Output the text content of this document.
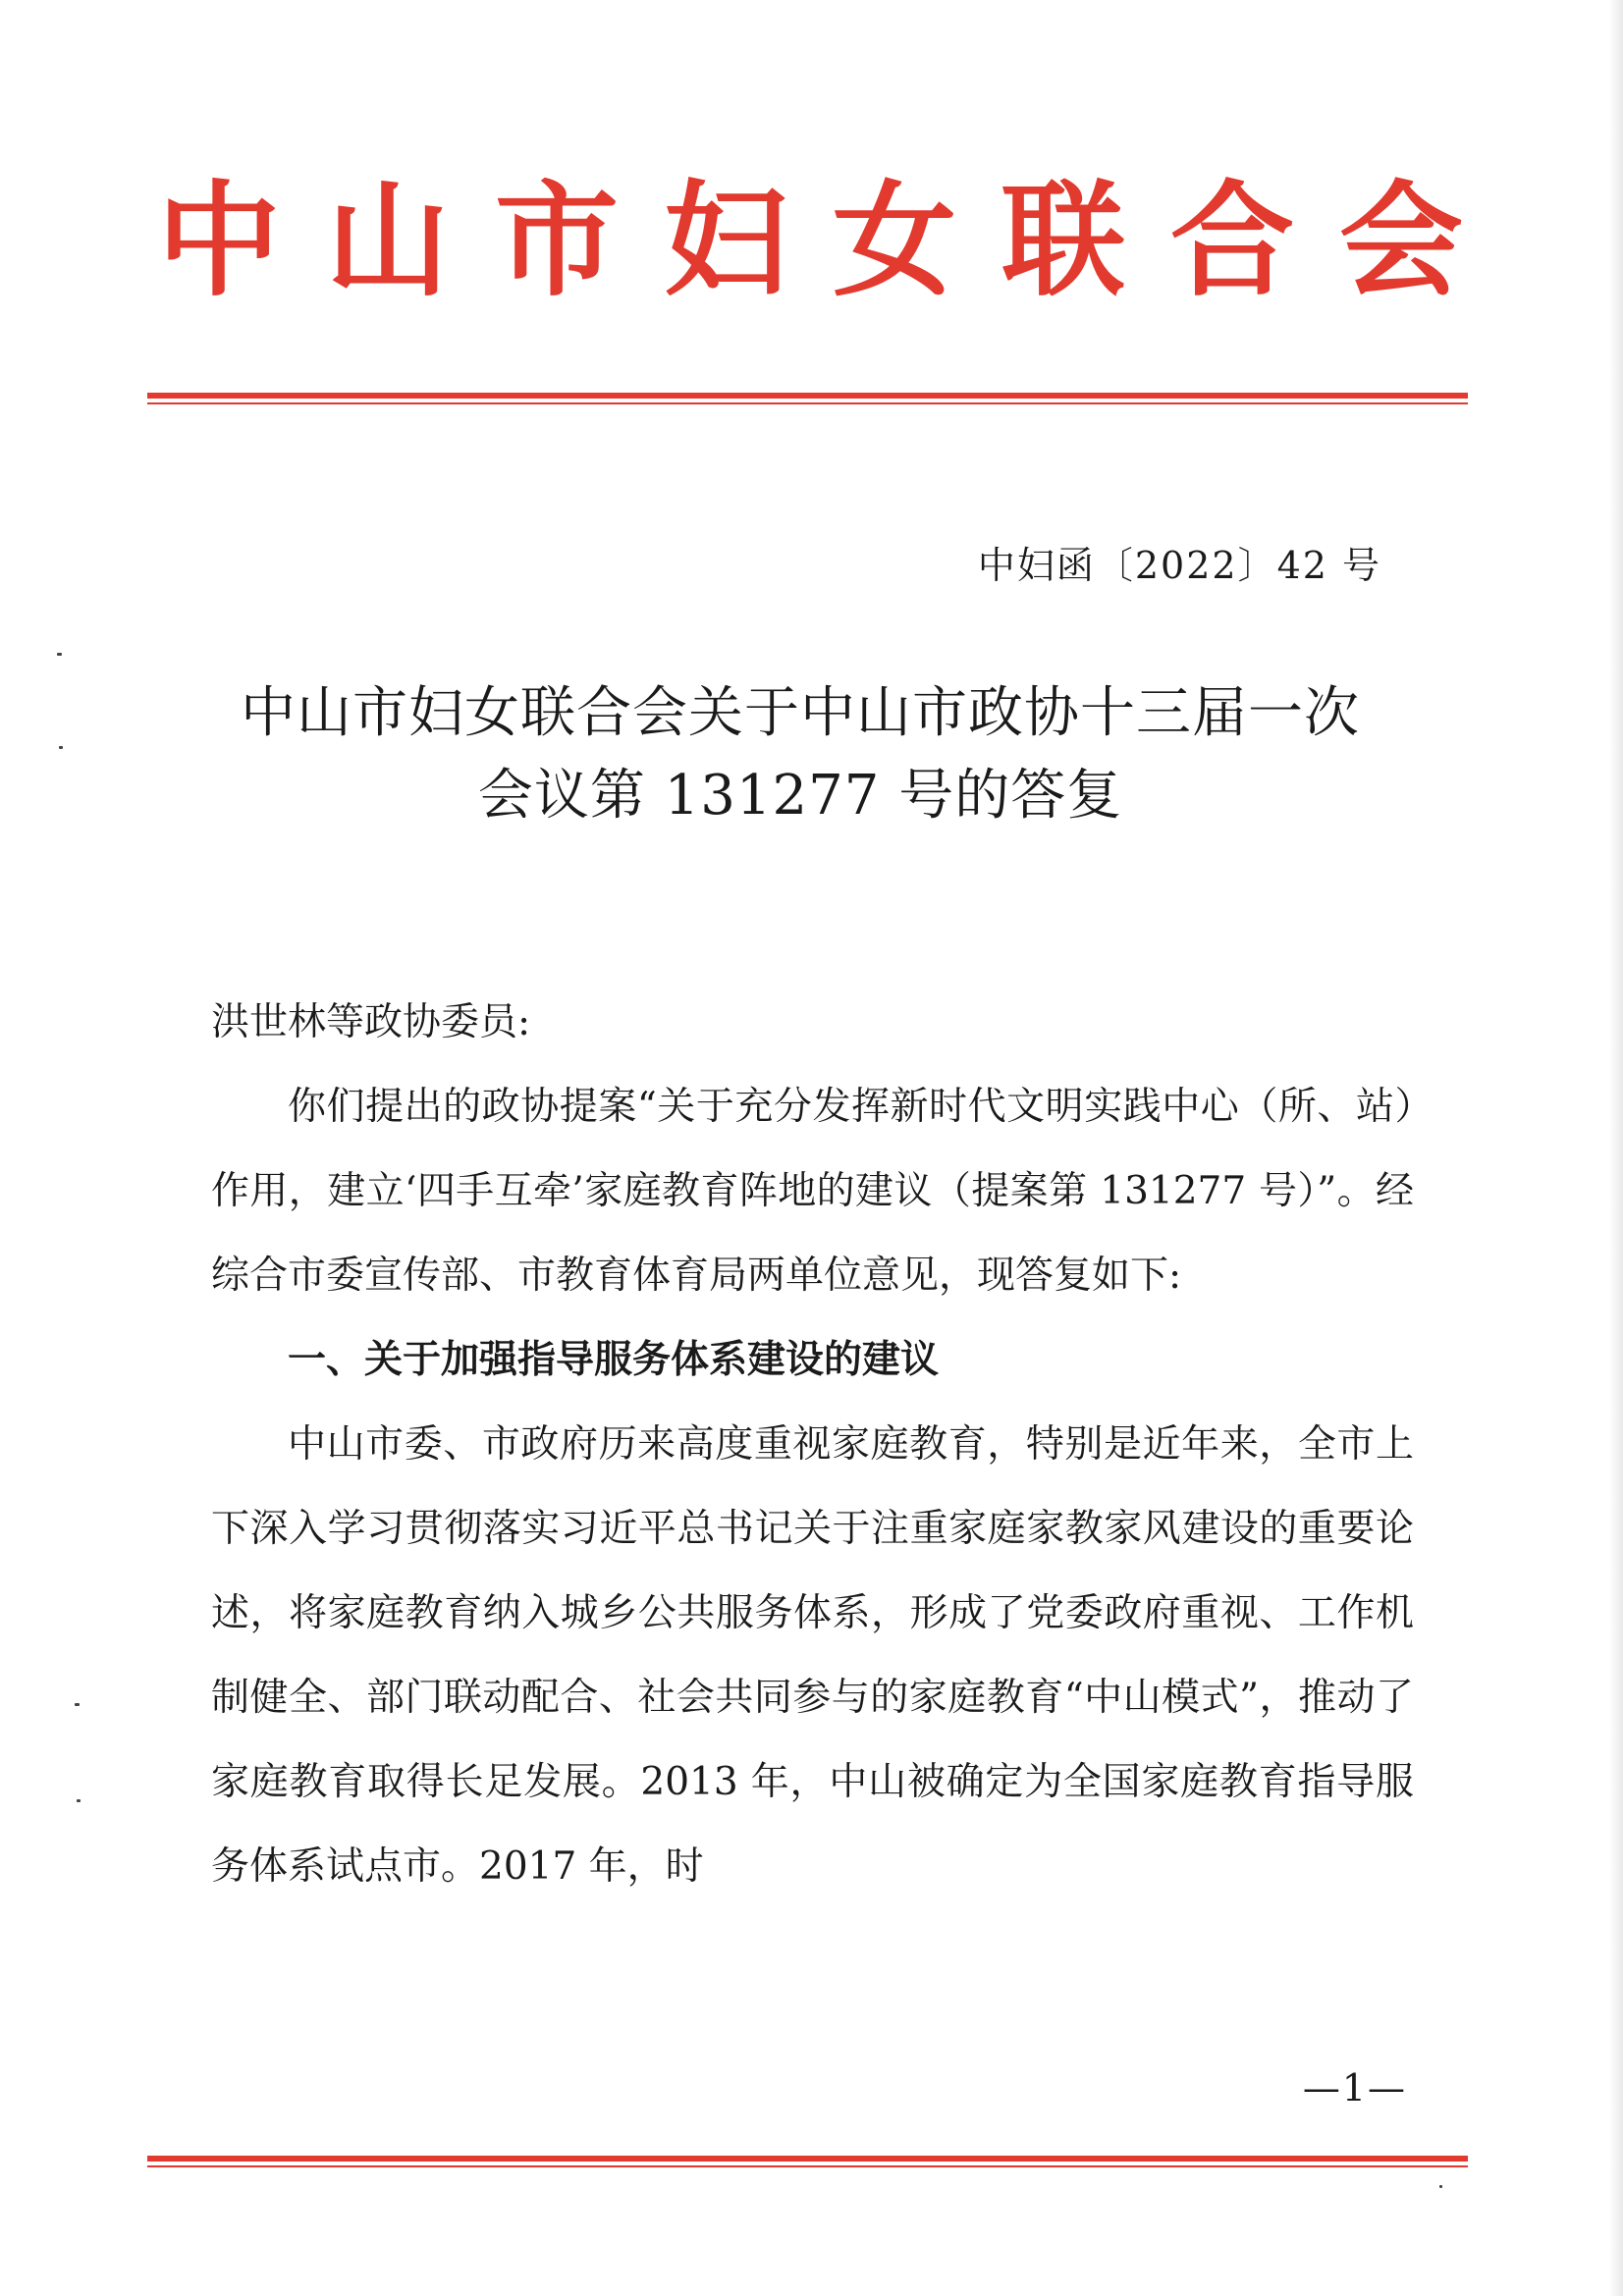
中 山 市 妇 女 联 合 会
中妇函〔2022〕42 号
中山市妇女联合会关于中山市政协十三届一次
会议第 131277 号的答复
洪世林等政协委员:

你们提出的政协提案“关于充分发挥新时代文明实践中心（所、站）作用，建立‘四手互牵’家庭教育阵地的建议（提案第 131277 号）”。经综合市委宣传部、市教育体育局两单位意见，现答复如下:

一、关于加强指导服务体系建设的建议

中山市委、市政府历来高度重视家庭教育，特别是近年来，全市上下深入学习贯彻落实习近平总书记关于注重家庭家教家风建设的重要论述，将家庭教育纳入城乡公共服务体系，形成了党委政府重视、工作机制健全、部门联动配合、社会共同参与的家庭教育“中山模式”，推动了家庭教育取得长足发展。2013 年，中山被确定为全国家庭教育指导服务体系试点市。2017 年，时

—1—
